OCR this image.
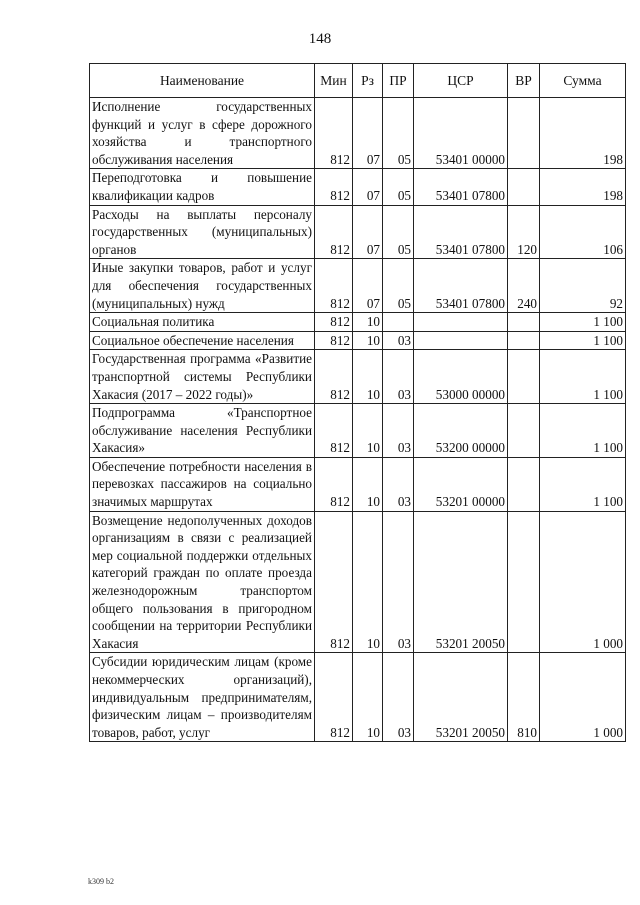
148
Наименование	Мин	Рз	ПР	ЦСР	ВР	Сумма
Исполнение государственных функций и услуг в сфере дорожного хозяйства и транспортного обслуживания населения	812	07	05	53401 00000		198
Переподготовка и повышение квалификации кадров	812	07	05	53401 07800		198
Расходы на выплаты персоналу государственных (муниципальных) органов	812	07	05	53401 07800	120	106
Иные закупки товаров, работ и услуг для обеспечения государственных (муниципальных) нужд	812	07	05	53401 07800	240	92
Социальная политика	812	10				1 100
Социальное обеспечение населения	812	10	03			1 100
Государственная программа «Развитие транспортной системы Республики Хакасия (2017 – 2022 годы)»	812	10	03	53000 00000		1 100
Подпрограмма «Транспортное обслуживание населения Республики Хакасия»	812	10	03	53200 00000		1 100
Обеспечение потребности населения в перевозках пассажиров на социально значимых маршрутах	812	10	03	53201 00000		1 100
Возмещение недополученных доходов организациям в связи с реализацией мер социальной поддержки отдельных категорий граждан по оплате проезда железнодорожным транспортом общего пользования в пригородном сообщении на территории Республики Хакасия	812	10	03	53201 20050		1 000
Субсидии юридическим лицам (кроме некоммерческих организаций), индивидуальным предпринимателям, физическим лицам – производителям товаров, работ, услуг	812	10	03	53201 20050	810	1 000
k309 b2
